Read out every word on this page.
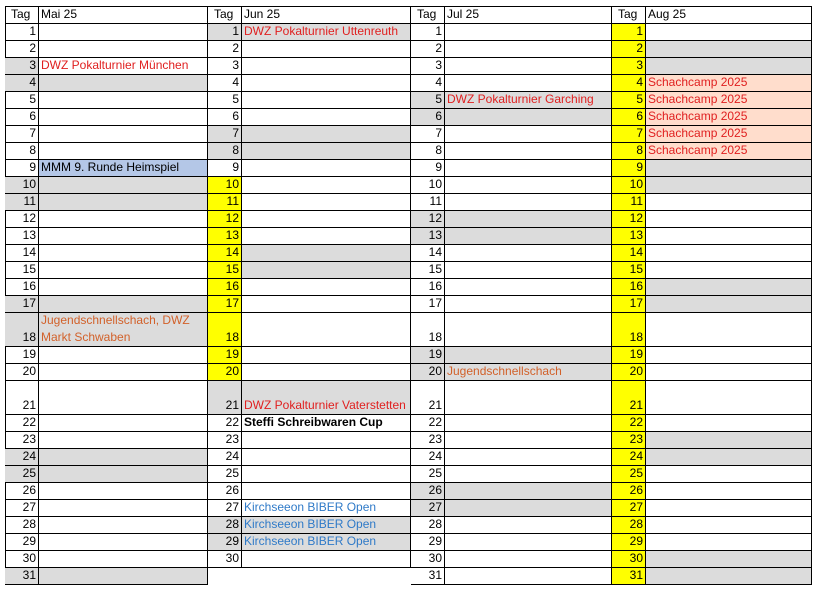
Tag Mai 25
1
2
3 DWZ Pokalturnier München
4
5
6
7
8
9 MMM 9. Runde Heimspiel
10
11
12
13
14
15
16
17
18
Jugendschnellschach, DWZ Markt Schwaben
19
20
21
22
23
24
25
26
27
28
29
30
31
Tag Jun 25
1 DWZ Pokalturnier Uttenreuth
2
3
4
5
6
7
8
9
10
11
12
13
14
15
16
17
18
19
20
21 DWZ Pokalturnier Vaterstetten
22 Steffi Schreibwaren Cup
23
24
25
26
27 Kirchseeon BIBER Open
28 Kirchseeon BIBER Open
29 Kirchseeon BIBER Open
30
Tag Jul 25
1
2
3
4
5 DWZ Pokalturnier Garching
6
7
8
9
10
11
12
13
14
15
16
17
18
19
20 Jugendschnellschach
21
22
23
24
25
26
27
28
29
30
31
Tag Aug 25
1
2
3
4 Schachcamp 2025
5 Schachcamp 2025
6 Schachcamp 2025
7 Schachcamp 2025
8 Schachcamp 2025
9
10
11
12
13
14
15
16
17
18
19
20
21
22
23
24
25
26
27
28
29
30
31
